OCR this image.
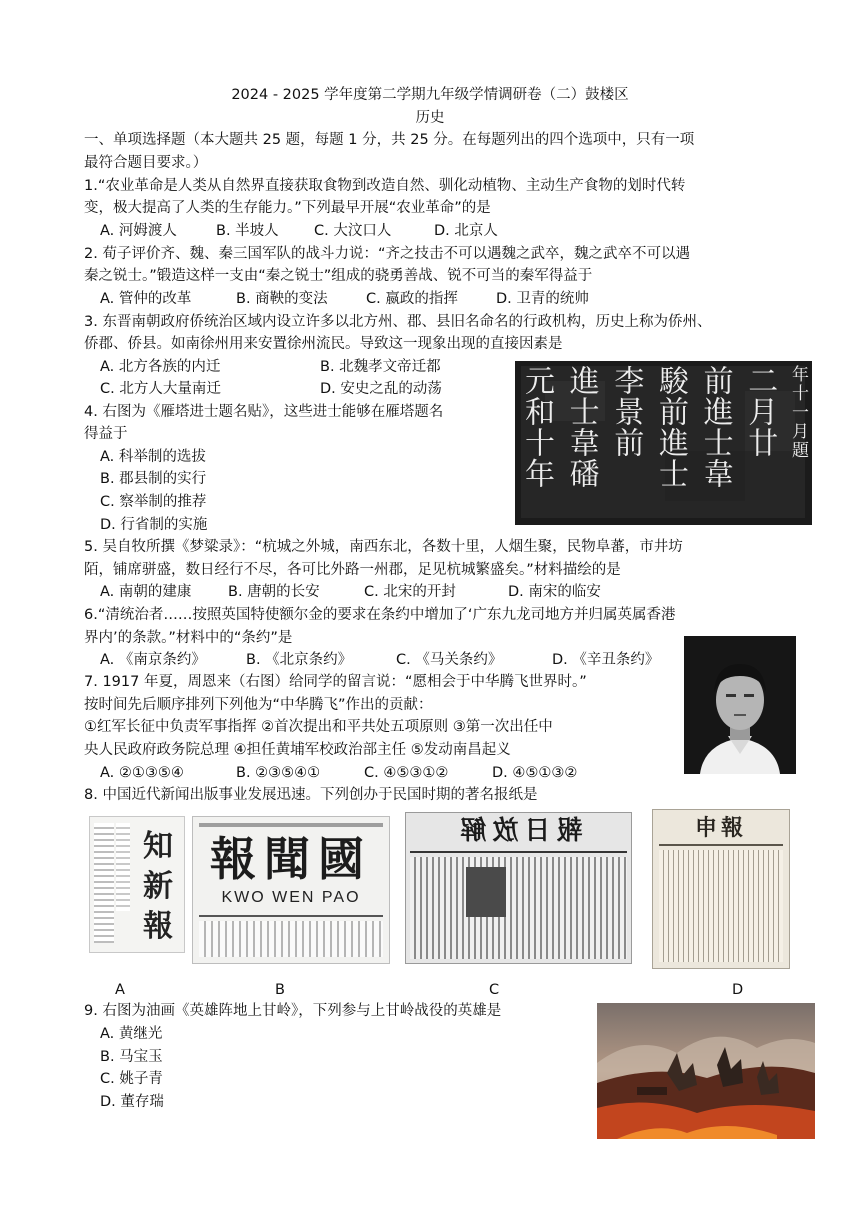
2024 - 2025 学年度第二学期九年级学情调研卷（二）鼓楼区
历史
一、单项选择题（本大题共 25 题，每题 1 分，共 25 分。在每题列出的四个选项中，只有一项
最符合题目要求。）
1.“农业革命是人类从自然界直接获取食物到改造自然、驯化动植物、主动生产食物的划时代转
变，极大提高了人类的生存能力。”下列最早开展“农业革命”的是
A. 河姆渡人	B. 半坡人 C. 大汶口人	D. 北京人
2. 荀子评价齐、魏、秦三国军队的战斗力说：“齐之技击不可以遇魏之武卒，魏之武卒不可以遇
秦之锐士。”锻造这样一支由“秦之锐士”组成的骁勇善战、锐不可当的秦军得益于
A. 管仲的改革	B. 商鞅的变法	C. 嬴政的指挥	D. 卫青的统帅
3. 东晋南朝政府侨统治区域内设立许多以北方州、郡、县旧名命名的行政机构，历史上称为侨州、
侨郡、侨县。如南徐州用来安置徐州流民。导致这一现象出现的直接因素是
A. 北方各族的内迁	B. 北魏孝文帝迁都
C. 北方人大量南迁	D. 安史之乱的动荡	年十一月題
二月廿
前進士韋
駿前進士
李景前
進士韋磻
元和十年
4. 右图为《雁塔进士题名贴》，这些进士能够在雁塔题名
得益于
A. 科举制的选拔
B. 郡县制的实行
C. 察举制的推荐
D. 行省制的实施
5. 吴自牧所撰《梦粱录》：“杭城之外城，南西东北，各数十里，人烟生聚，民物阜蕃，市井坊
陌，铺席骈盛，数日经行不尽，各可比外路一州郡，足见杭城繁盛矣。”材料描绘的是
A. 南朝的建康	B. 唐朝的长安	C. 北宋的开封	D. 南宋的临安
6.“清统治者……按照英国特使额尔金的要求在条约中增加了‘广东九龙司地方并归属英属香港
界内’的条款。”材料中的“条约”是
A. 《南京条约》	B. 《北京条约》	C. 《马关条约》	D. 《辛丑条约》
7. 1917 年夏，周恩来（右图）给同学的留言说：“愿相会于中华腾飞世界时。”
按时间先后顺序排列下列他为“中华腾飞”作出的贡献：
①红军长征中负责军事指挥 ②首次提出和平共处五项原则 ③第一次出任中
央人民政府政务院总理 ④担任黄埔军校政治部主任 ⑤发动南昌起义
A. ②①③⑤④	B. ②③⑤④①	C. ④⑤③①②	D. ④⑤①③②
8. 中国近代新闻出版事业发展迅速。下列创办于民国时期的著名报纸是
知新報
報聞國
KWO WEN PAO
報日放解	申報
A	B	C	D
9. 右图为油画《英雄阵地上甘岭》，下列参与上甘岭战役的英雄是
A. 黄继光
B. 马宝玉
C. 姚子青
D. 董存瑞
